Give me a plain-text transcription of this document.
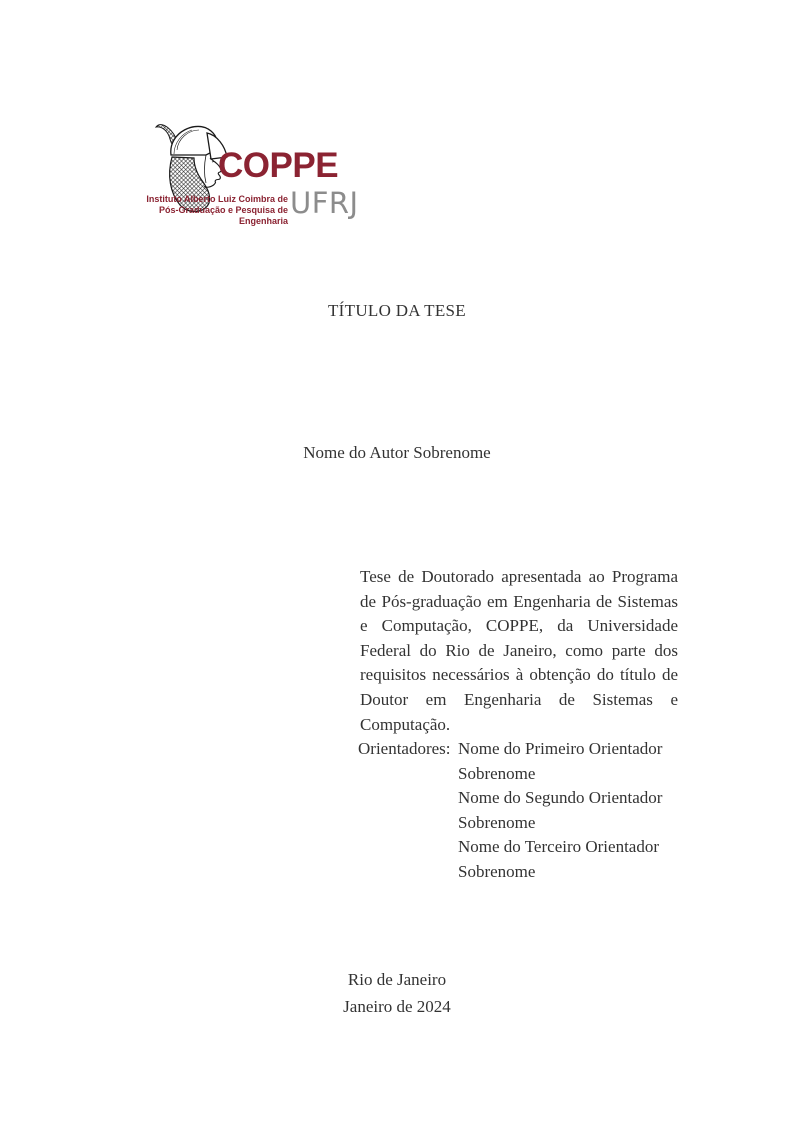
COPPE
UFRJ
Instituto Alberto Luiz Coimbra de
Pós-Graduação e Pesquisa de Engenharia
TÍTULO DA TESE
Nome do Autor Sobrenome
Tese de Doutorado apresentada ao Programa de Pós-graduação em Engenharia de Sistemas e Computação, COPPE, da Universidade Federal do Rio de Janeiro, como parte dos requisitos necessários à obtenção do título de Doutor em Engenharia de Sistemas e Computação.
Orientadores: Nome do Primeiro Orientador Sobrenome
Nome do Segundo Orientador Sobrenome
Nome do Terceiro Orientador Sobrenome
Rio de Janeiro
Janeiro de 2024
